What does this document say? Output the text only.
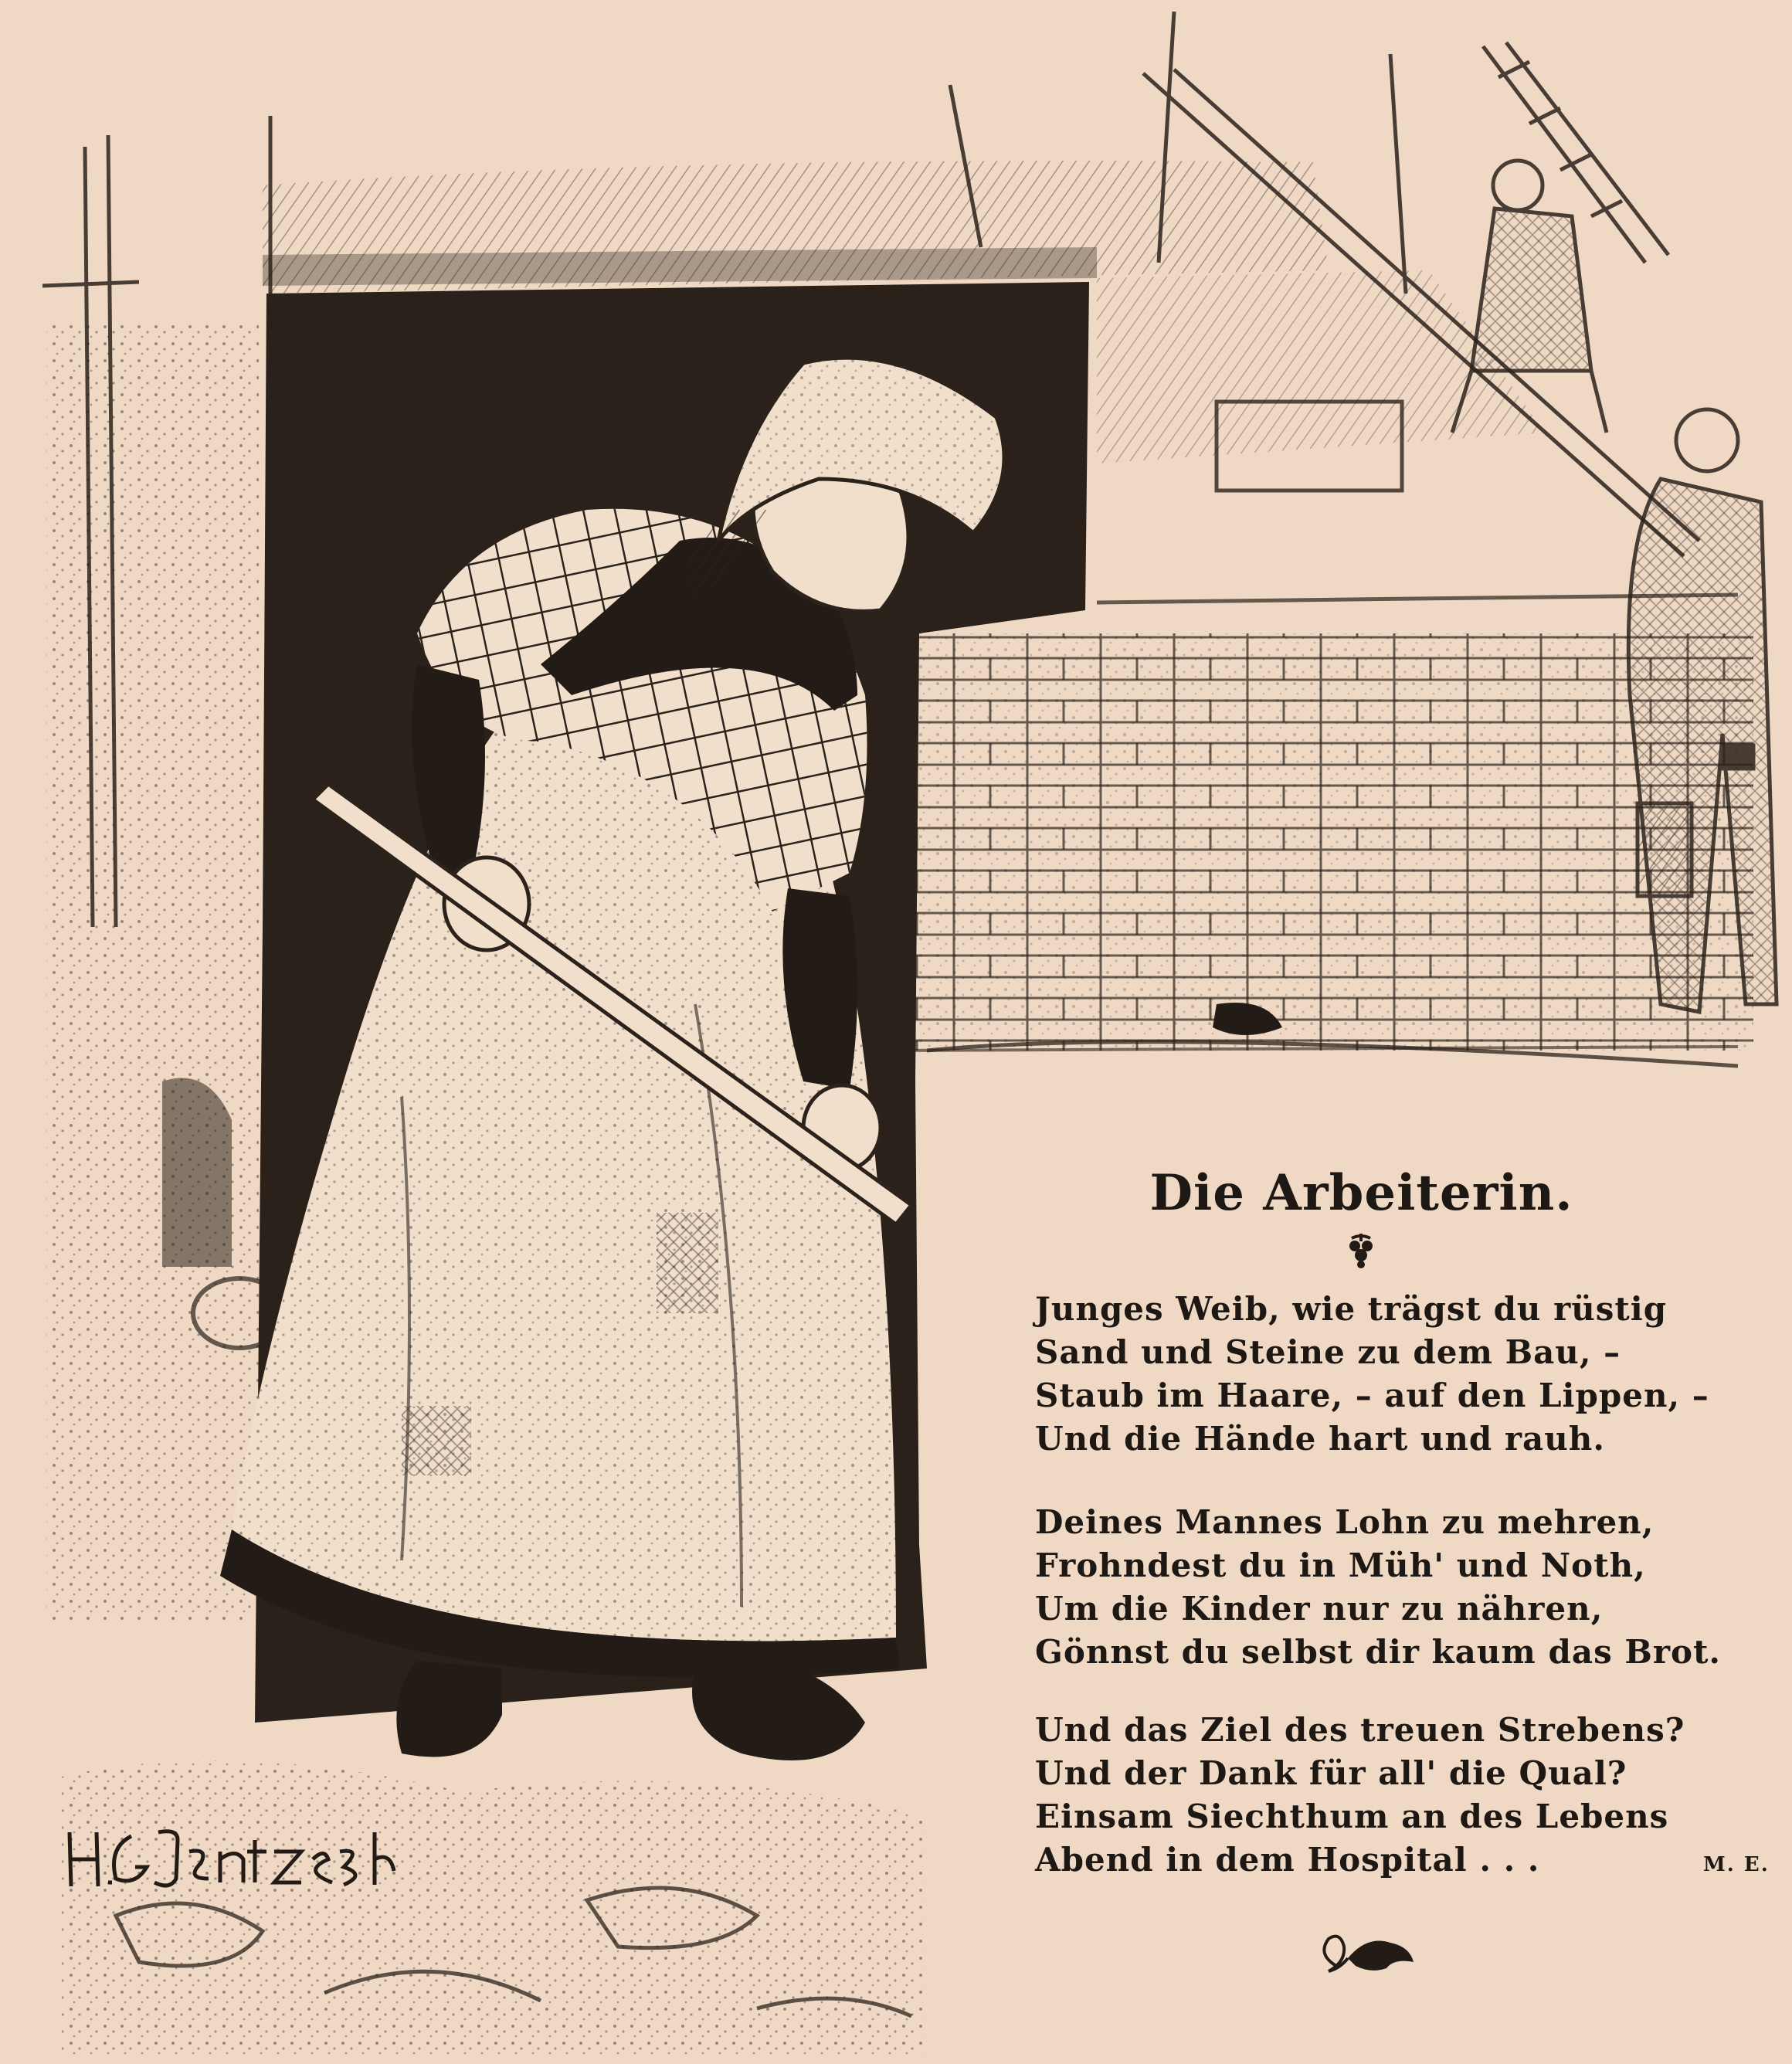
Die Arbeiterin.
Junges Weib, wie trägst du rüstig
Sand und Steine zu dem Bau, –
Staub im Haare, – auf den Lippen, –
Und die Hände hart und rauh.
Deines Mannes Lohn zu mehren,
Frohndest du in Müh' und Noth,
Um die Kinder nur zu nähren,
Gönnst du selbst dir kaum das Brot.
Und das Ziel des treuen Strebens?
Und der Dank für all' die Qual?
Einsam Siechthum an des Lebens
Abend in dem Hospital . . .	M. E.
